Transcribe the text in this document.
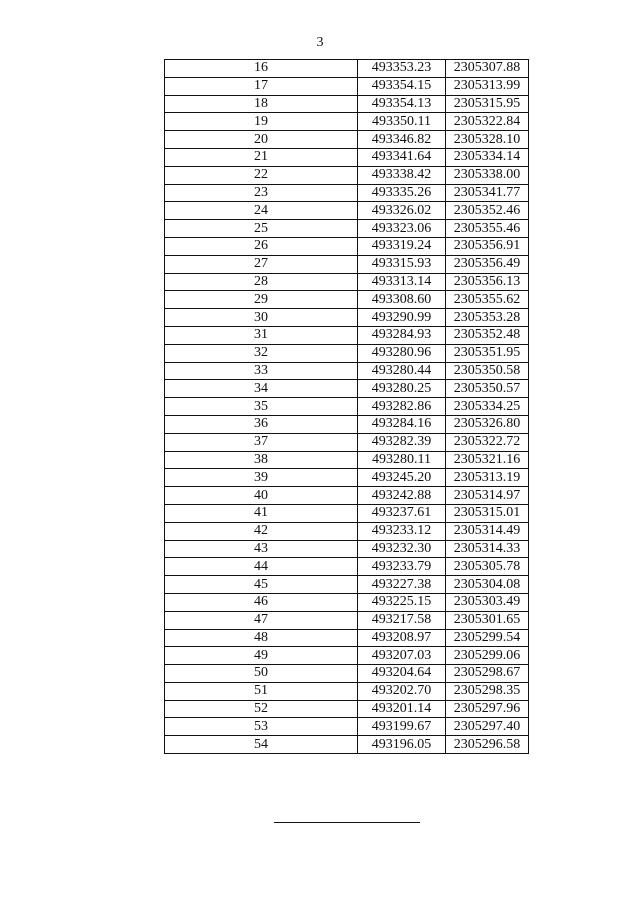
3
16	493353.23	2305307.88
17	493354.15	2305313.99
18	493354.13	2305315.95
19	493350.11	2305322.84
20	493346.82	2305328.10
21	493341.64	2305334.14
22	493338.42	2305338.00
23	493335.26	2305341.77
24	493326.02	2305352.46
25	493323.06	2305355.46
26	493319.24	2305356.91
27	493315.93	2305356.49
28	493313.14	2305356.13
29	493308.60	2305355.62
30	493290.99	2305353.28
31	493284.93	2305352.48
32	493280.96	2305351.95
33	493280.44	2305350.58
34	493280.25	2305350.57
35	493282.86	2305334.25
36	493284.16	2305326.80
37	493282.39	2305322.72
38	493280.11	2305321.16
39	493245.20	2305313.19
40	493242.88	2305314.97
41	493237.61	2305315.01
42	493233.12	2305314.49
43	493232.30	2305314.33
44	493233.79	2305305.78
45	493227.38	2305304.08
46	493225.15	2305303.49
47	493217.58	2305301.65
48	493208.97	2305299.54
49	493207.03	2305299.06
50	493204.64	2305298.67
51	493202.70	2305298.35
52	493201.14	2305297.96
53	493199.67	2305297.40
54	493196.05	2305296.58
